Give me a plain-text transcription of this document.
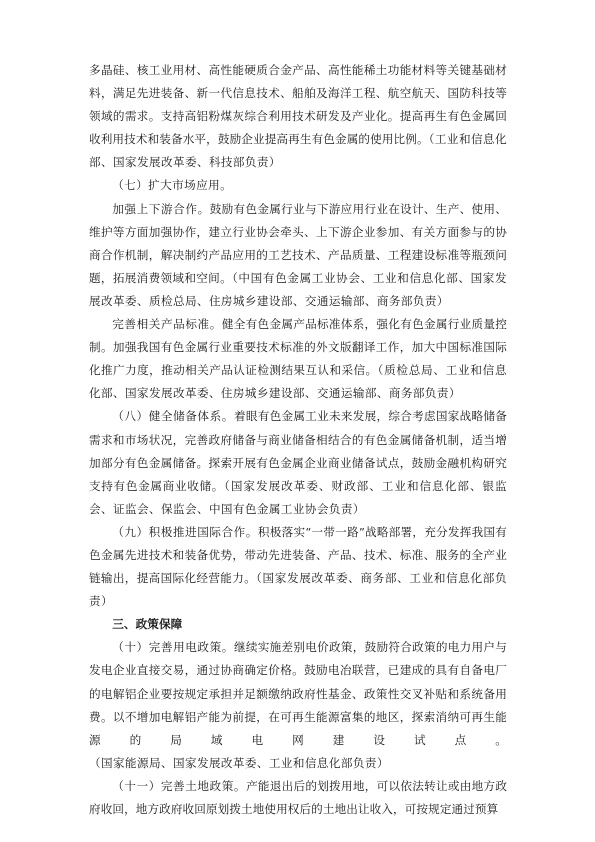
多晶硅、核工业用材、高性能硬质合金产品、高性能稀土功能材料等关键基础材料，满足先进装备、新一代信息技术、船舶及海洋工程、航空航天、国防科技等领域的需求。支持高铝粉煤灰综合利用技术研发及产业化。提高再生有色金属回收利用技术和装备水平，鼓励企业提高再生有色金属的使用比例。（工业和信息化部、国家发展改革委、科技部负责）

（七）扩大市场应用。

加强上下游合作。鼓励有色金属行业与下游应用行业在设计、生产、使用、维护等方面加强协作，建立行业协会牵头、上下游企业参加、有关方面参与的协商合作机制，解决制约产品应用的工艺技术、产品质量、工程建设标准等瓶颈问题，拓展消费领域和空间。（中国有色金属工业协会、工业和信息化部、国家发展改革委、质检总局、住房城乡建设部、交通运输部、商务部负责）

完善相关产品标准。健全有色金属产品标准体系，强化有色金属行业质量控制。加强我国有色金属行业重要技术标准的外文版翻译工作，加大中国标准国际化推广力度，推动相关产品认证检测结果互认和采信。（质检总局、工业和信息化部、国家发展改革委、住房城乡建设部、交通运输部、商务部负责）

（八）健全储备体系。着眼有色金属工业未来发展，综合考虑国家战略储备需求和市场状况，完善政府储备与商业储备相结合的有色金属储备机制，适当增加部分有色金属储备。探索开展有色金属企业商业储备试点，鼓励金融机构研究支持有色金属商业收储。（国家发展改革委、财政部、工业和信息化部、银监会、证监会、保监会、中国有色金属工业协会负责）

（九）积极推进国际合作。积极落实“一带一路”战略部署，充分发挥我国有色金属先进技术和装备优势，带动先进装备、产品、技术、标准、服务的全产业链输出，提高国际化经营能力。（国家发展改革委、商务部、工业和信息化部负责）

三、政策保障

（十）完善用电政策。继续实施差别电价政策，鼓励符合政策的电力用户与发电企业直接交易，通过协商确定价格。鼓励电冶联营，已建成的具有自备电厂的电解铝企业要按规定承担并足额缴纳政府性基金、政策性交叉补贴和系统备用费。以不增加电解铝产能为前提，在可再生能源富集的地区，探索消纳可再生能源的局域电网建设试点。（国家能源局、国家发展改革委、工业和信息化部负责）

（十一）完善土地政策。产能退出后的划拨用地，可以依法转让或由地方政府收回，地方政府收回原划拨土地使用权后的土地出让收入，可按规定通过预算
